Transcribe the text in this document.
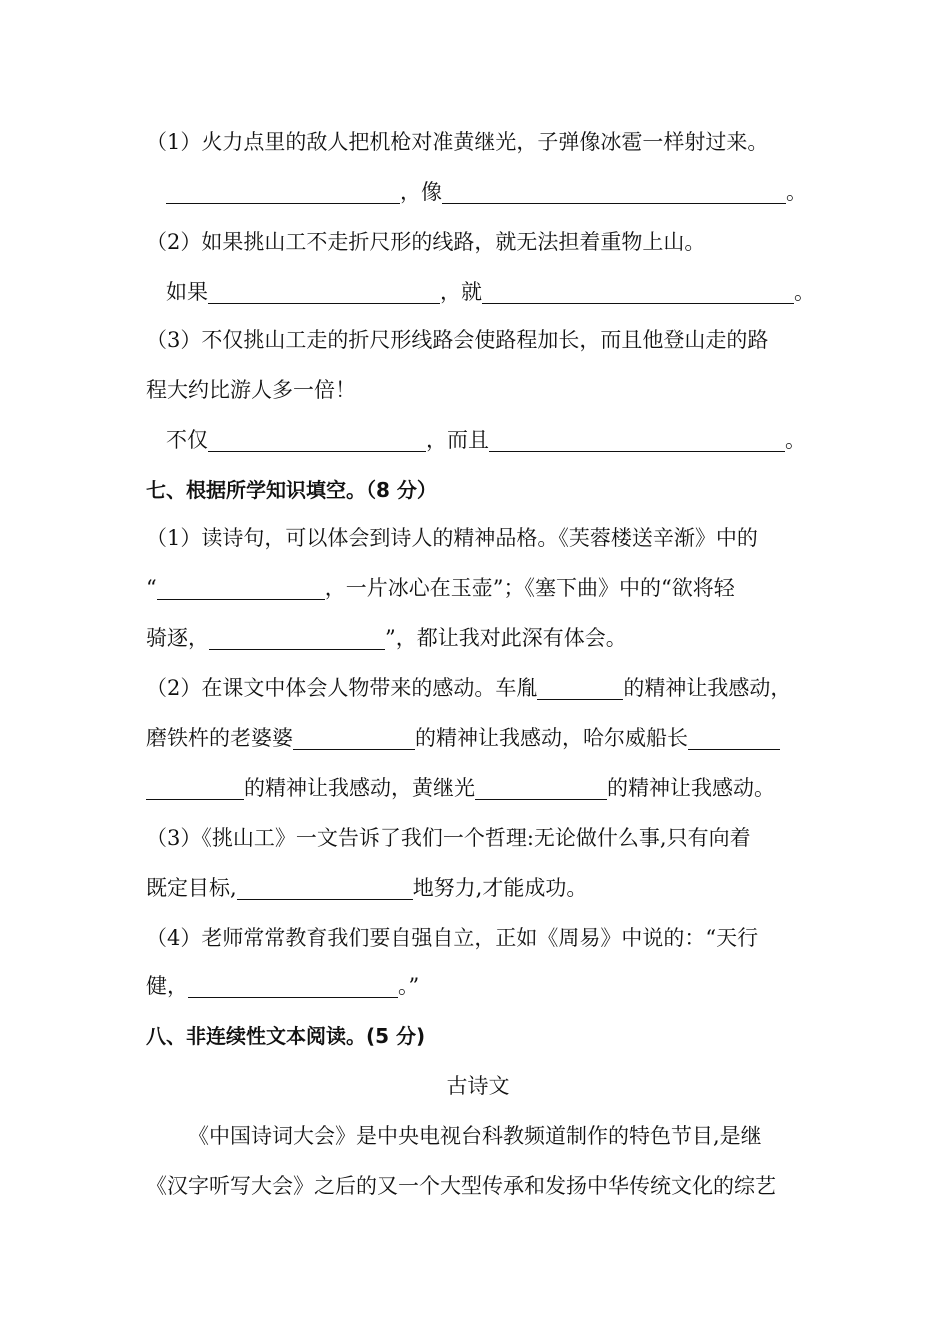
（1）火力点里的敌人把机枪对准黄继光，子弹像冰雹一样射过来。
，像	。
（2）如果挑山工不走折尺形的线路，就无法担着重物上山。
如果	，就	。
（3）不仅挑山工走的折尺形线路会使路程加长，而且他登山走的路
程大约比游人多一倍！
不仅	，而且	。
七、根据所学知识填空。（8 分）
（1）读诗句，可以体会到诗人的精神品格。《芙蓉楼送辛渐》中的
“	，一片冰心在玉壶”；《塞下曲》中的“欲将轻
骑逐，	”，都让我对此深有体会。
（2）在课文中体会人物带来的感动。车胤	的精神让我感动，
磨铁杵的老婆婆	的精神让我感动，哈尔威船长
的精神让我感动，黄继光	的精神让我感动。
（3）《挑山工》一文告诉了我们一个哲理:无论做什么事,只有向着
既定目标,	地努力,才能成功。
（4）老师常常教育我们要自强自立，正如《周易》中说的：“天行
健，	。”
八、非连续性文本阅读。(5 分)
古诗文
《中国诗词大会》是中央电视台科教频道制作的特色节目,是继
《汉字听写大会》之后的又一个大型传承和发扬中华传统文化的综艺
